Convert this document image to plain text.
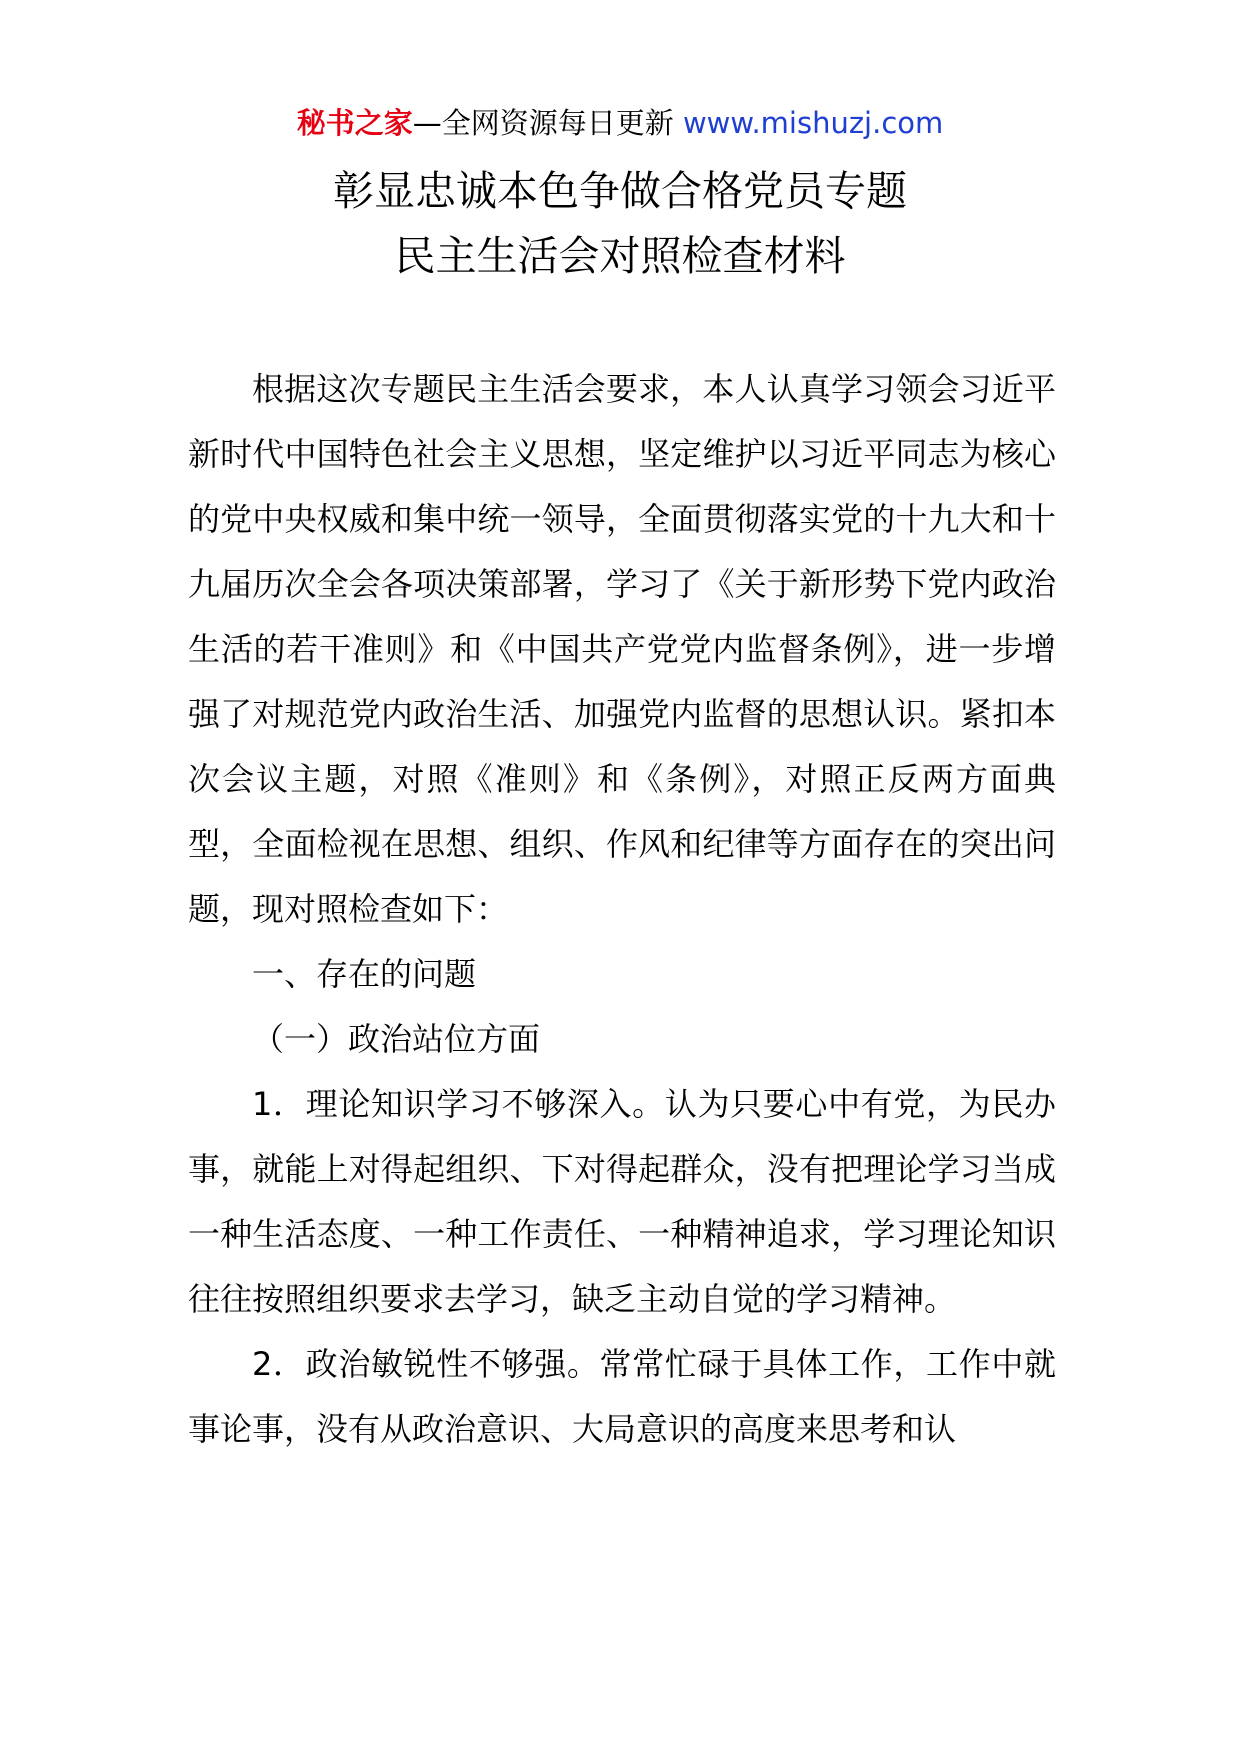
秘书之家—全网资源每日更新 www.mishuzj.com
彰显忠诚本色争做合格党员专题
民主生活会对照检查材料

根据这次专题民主生活会要求，本人认真学习领会习近平新时代中国特色社会主义思想，坚定维护以习近平同志为核心的党中央权威和集中统一领导，全面贯彻落实党的十九大和十九届历次全会各项决策部署，学习了《关于新形势下党内政治生活的若干准则》和《中国共产党党内监督条例》，进一步增强了对规范党内政治生活、加强党内监督的思想认识。紧扣本次会议主题，对照《准则》和《条例》，对照正反两方面典型，全面检视在思想、组织、作风和纪律等方面存在的突出问题，现对照检查如下：

一、存在的问题

（一）政治站位方面

1．理论知识学习不够深入。认为只要心中有党，为民办事，就能上对得起组织、下对得起群众，没有把理论学习当成一种生活态度、一种工作责任、一种精神追求，学习理论知识往往按照组织要求去学习，缺乏主动自觉的学习精神。

2．政治敏锐性不够强。常常忙碌于具体工作，工作中就事论事，没有从政治意识、大局意识的高度来思考和认
